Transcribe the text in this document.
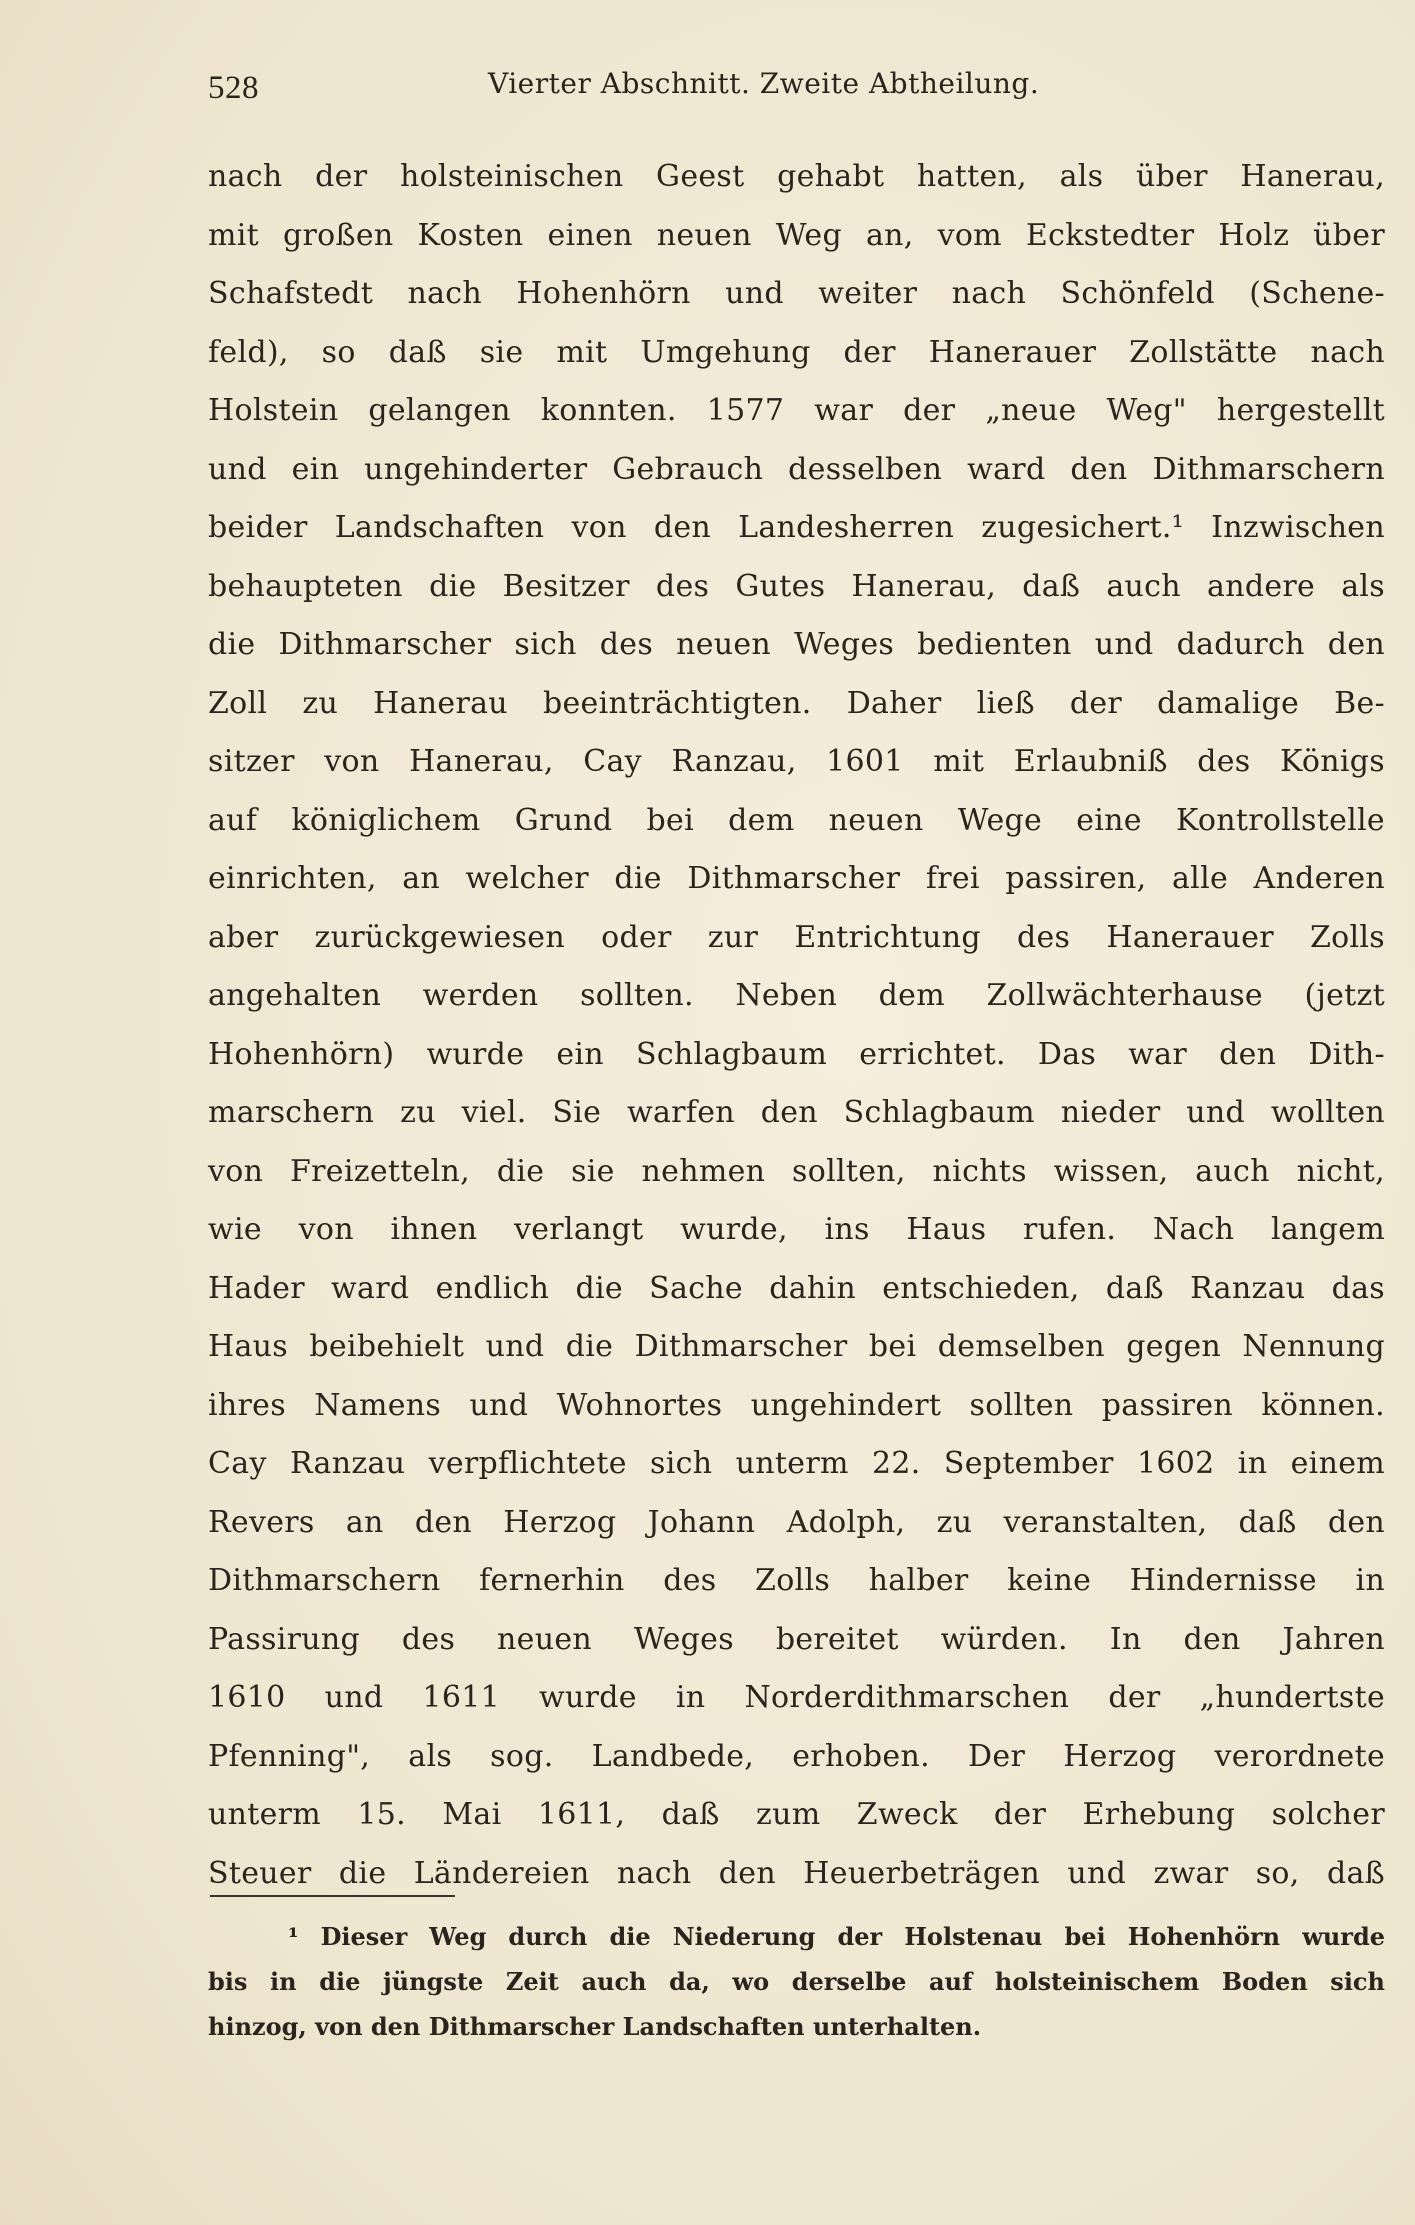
528	Vierter Abschnitt. Zweite Abtheilung.
nach der holsteinischen Geest gehabt hatten, als über Hanerau,
mit großen Kosten einen neuen Weg an, vom Eckstedter Holz über
Schafstedt nach Hohenhörn und weiter nach Schönfeld (Schene-
feld), so daß sie mit Umgehung der Hanerauer Zollstätte nach
Holstein gelangen konnten. 1577 war der „neue Weg" hergestellt
und ein ungehinderter Gebrauch desselben ward den Dithmarschern
beider Landschaften von den Landesherren zugesichert.¹ Inzwischen
behaupteten die Besitzer des Gutes Hanerau, daß auch andere als
die Dithmarscher sich des neuen Weges bedienten und dadurch den
Zoll zu Hanerau beeinträchtigten. Daher ließ der damalige Be-
sitzer von Hanerau, Cay Ranzau, 1601 mit Erlaubniß des Königs
auf königlichem Grund bei dem neuen Wege eine Kontrollstelle
einrichten, an welcher die Dithmarscher frei passiren, alle Anderen
aber zurückgewiesen oder zur Entrichtung des Hanerauer Zolls
angehalten werden sollten. Neben dem Zollwächterhause (jetzt
Hohenhörn) wurde ein Schlagbaum errichtet. Das war den Dith-
marschern zu viel. Sie warfen den Schlagbaum nieder und wollten
von Freizetteln, die sie nehmen sollten, nichts wissen, auch nicht,
wie von ihnen verlangt wurde, ins Haus rufen. Nach langem
Hader ward endlich die Sache dahin entschieden, daß Ranzau das
Haus beibehielt und die Dithmarscher bei demselben gegen Nennung
ihres Namens und Wohnortes ungehindert sollten passiren können.
Cay Ranzau verpflichtete sich unterm 22. September 1602 in einem
Revers an den Herzog Johann Adolph, zu veranstalten, daß den
Dithmarschern fernerhin des Zolls halber keine Hindernisse in
Passirung des neuen Weges bereitet würden. In den Jahren
1610 und 1611 wurde in Norderdithmarschen der „hundertste
Pfenning", als sog. Landbede, erhoben. Der Herzog verordnete
unterm 15. Mai 1611, daß zum Zweck der Erhebung solcher
Steuer die Ländereien nach den Heuerbeträgen und zwar so, daß
¹ Dieser Weg durch die Niederung der Holstenau bei Hohenhörn wurde
bis in die jüngste Zeit auch da, wo derselbe auf holsteinischem Boden sich
hinzog, von den Dithmarscher Landschaften unterhalten.
